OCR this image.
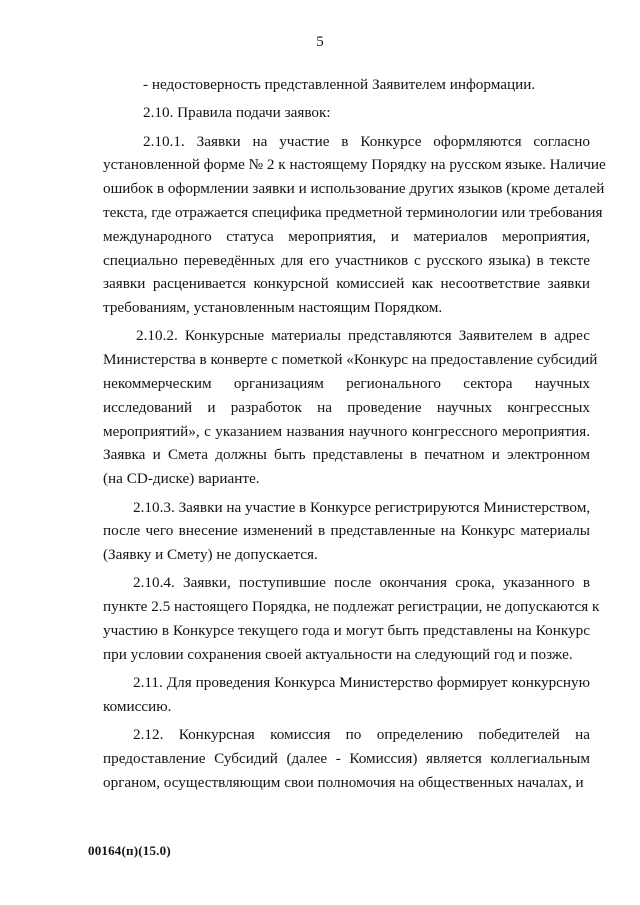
5
- недостоверность представленной Заявителем информации.
2.10. Правила подачи заявок:
2.10.1. Заявки на участие в Конкурсе оформляются согласно
установленной форме № 2 к настоящему Порядку на русском языке. Наличие
ошибок в оформлении заявки и использование других языков (кроме деталей
текста, где отражается специфика предметной терминологии или требования
международного статуса мероприятия, и материалов мероприятия,
специально переведённых для его участников с русского языка) в тексте
заявки расценивается конкурсной комиссией как несоответствие заявки
требованиям, установленным настоящим Порядком.
2.10.2. Конкурсные материалы представляются Заявителем в адрес
Министерства в конверте с пометкой «Конкурс на предоставление субсидий
некоммерческим организациям регионального сектора научных
исследований и разработок на проведение научных конгрессных
мероприятий», с указанием названия научного конгрессного мероприятия.
Заявка и Смета должны быть представлены в печатном и электронном
(на CD-диске) варианте.
2.10.3. Заявки на участие в Конкурсе регистрируются Министерством,
после чего внесение изменений в представленные на Конкурс материалы
(Заявку и Смету) не допускается.
2.10.4. Заявки, поступившие после окончания срока, указанного в
пункте 2.5 настоящего Порядка, не подлежат регистрации, не допускаются к
участию в Конкурсе текущего года и могут быть представлены на Конкурс
при условии сохранения своей актуальности на следующий год и позже.
2.11. Для проведения Конкурса Министерство формирует конкурсную
комиссию.
2.12. Конкурсная комиссия по определению победителей на
предоставление Субсидий (далее - Комиссия) является коллегиальным
органом, осуществляющим свои полномочия на общественных началах, и
00164(п)(15.0)
